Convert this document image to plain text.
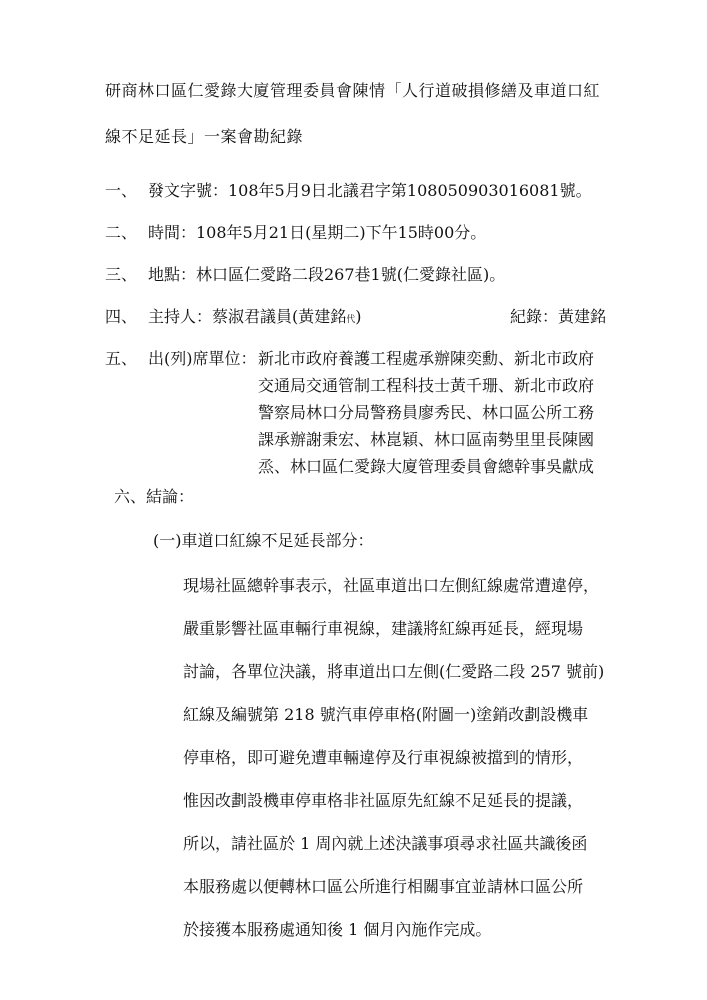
研商林口區仁愛錄大廈管理委員會陳情「人行道破損修繕及車道口紅
線不足延長」一案會勘紀錄
一、 發文字號：108年5月9日北議君字第1080509030160​81號。
二、 時間：108年5月21日(星期二)下午15時00分。
三、 地點：林口區仁愛路二段267巷1號(仁愛錄社區)。
四、 主持人：蔡淑君議員(黃建銘代)	紀錄：黃建銘
五、 出(列)席單位： 新北市政府養護工程處承辦陳奕勳、新北市政府
交通局交通管制工程科技士黃千珊、新北市政府
警察局林口分局警務員廖秀民、林口區公所工務
課承辦謝秉宏、林崑穎、林口區南勢里里長陳國
烝、林口區仁愛錄大廈管理委員會總幹事吳獻成
六、結論：
(一)車道口紅線不足延長部分：
現場社區總幹事表示，社區車道出口左側紅線處常遭違停，
嚴重影響社區車輛行車視線，建議將紅線再延長，經現場
討論，各單位決議，將車道出口左側(仁愛路二段 257 號前)
紅線及編號第 218 號汽車停車格(附圖一)塗銷改劃設機車
停車格，即可避免遭車輛違停及行車視線被擋到的情形，
惟因改劃設機車停車格非社區原先紅線不足延長的提議，
所以，請社區於 1 周內就上述決議事項尋求社區共識後函
本服務處以便轉林口區公所進行相關事宜並請林口區公所
於接獲本服務處通知後 1 個月內施作完成。
